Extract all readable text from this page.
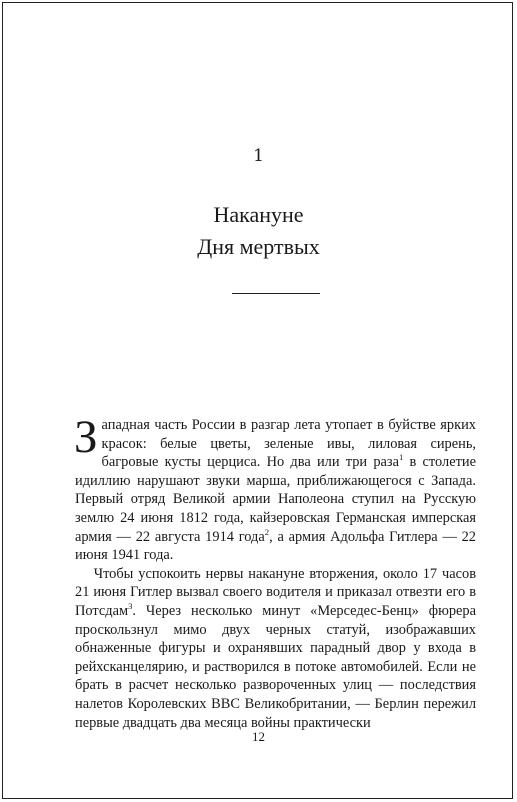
1
Накануне
Дня мертвых

Западная часть России в разгар лета утопает в буйстве ярких красок: белые цветы, зеленые ивы, лиловая сирень, багровые кусты церциса. Но два или три раза$^1$ в столетие идиллию нарушают звуки марша, приближающегося с Запада. Первый отряд Великой армии Наполеона ступил на Русскую землю 24 июня 1812 года, кайзеровская Германская имперская армия — 22 августа 1914 года$^2$, а армия Адольфа Гитлера — 22 июня 1941 года.

Чтобы успокоить нервы накануне вторжения, около 17 часов 21 июня Гитлер вызвал своего водителя и приказал отвезти его в Потсдам$^3$. Через несколько минут «Мерседес-Бенц» фюрера проскользнул мимо двух черных статуй, изображавших обнаженные фигуры и охранявших парадный двор у входа в рейхсканцелярию, и растворился в потоке автомобилей. Если не брать в расчет несколько развороченных улиц — последствия налетов Королевских ВВС Великобритании, — Берлин пережил первые двадцать два месяца войны практически

12
